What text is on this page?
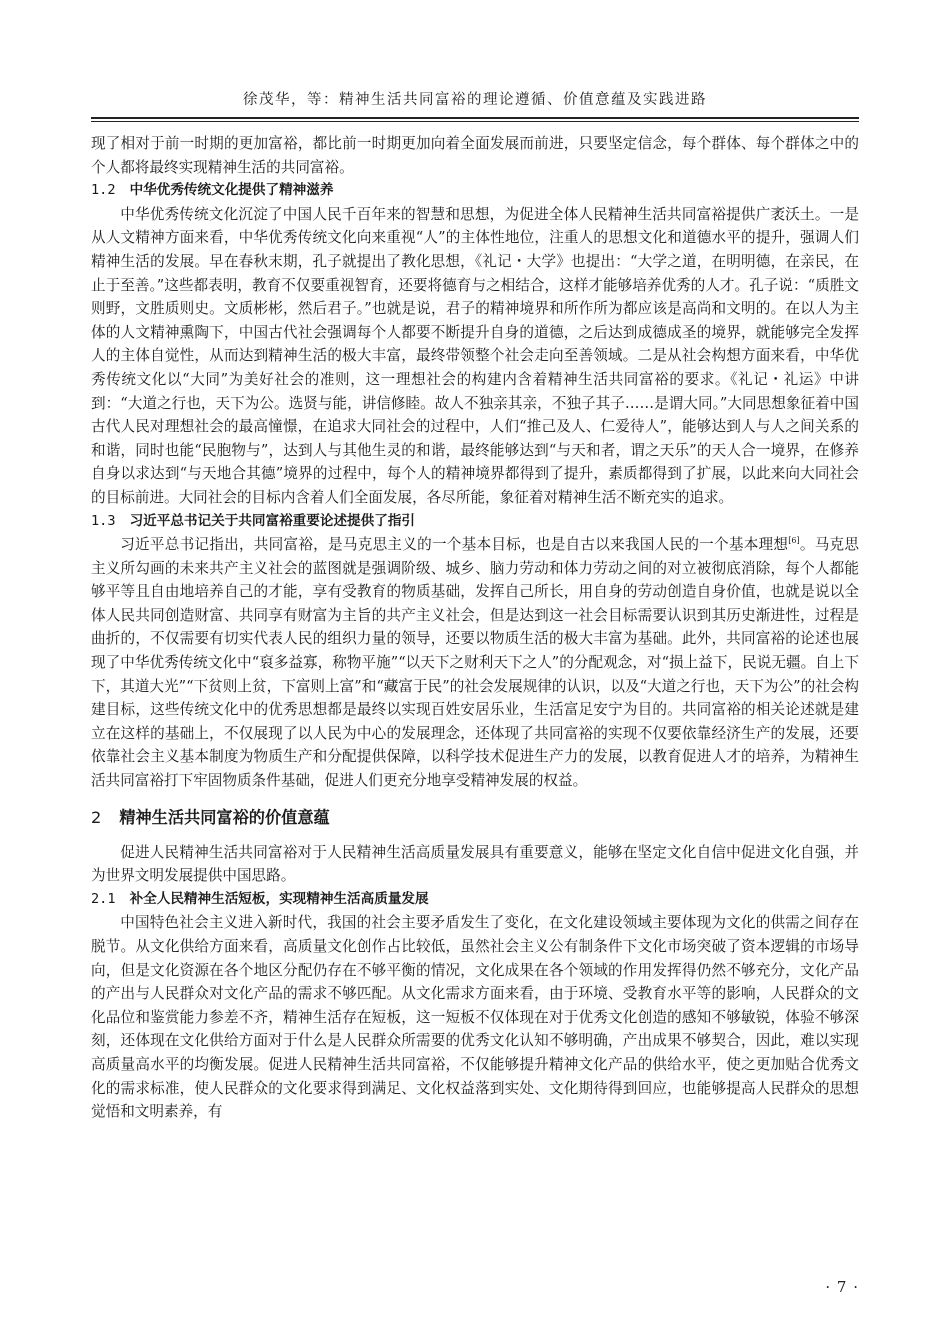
徐茂华，等：精神生活共同富裕的理论遵循、价值意蕴及实践进路

现了相对于前一时期的更加富裕，都比前一时期更加向着全面发展而前进，只要坚定信念，每个群体、每个群体之中的个人都将最终实现精神生活的共同富裕。

1.2 中华优秀传统文化提供了精神滋养

中华优秀传统文化沉淀了中国人民千百年来的智慧和思想，为促进全体人民精神生活共同富裕提供广袤沃土。一是从人文精神方面来看，中华优秀传统文化向来重视“人”的主体性地位，注重人的思想文化和道德水平的提升，强调人们精神生活的发展。早在春秋末期，孔子就提出了教化思想，《礼记・大学》也提出：“大学之道，在明明德，在亲民，在止于至善。”这些都表明，教育不仅要重视智育，还要将德育与之相结合，这样才能够培养优秀的人才。孔子说：“质胜文则野，文胜质则史。文质彬彬，然后君子。”也就是说，君子的精神境界和所作所为都应该是高尚和文明的。在以人为主体的人文精神熏陶下，中国古代社会强调每个人都要不断提升自身的道德，之后达到成德成圣的境界，就能够完全发挥人的主体自觉性，从而达到精神生活的极大丰富，最终带领整个社会走向至善领域。二是从社会构想方面来看，中华优秀传统文化以“大同”为美好社会的准则，这一理想社会的构建内含着精神生活共同富裕的要求。《礼记・礼运》中讲到：“大道之行也，天下为公。选贤与能，讲信修睦。故人不独亲其亲，不独子其子……是谓大同。”大同思想象征着中国古代人民对理想社会的最高憧憬，在追求大同社会的过程中，人们“推己及人、仁爱待人”，能够达到人与人之间关系的和谐，同时也能“民胞物与”，达到人与其他生灵的和谐，最终能够达到“与天和者，谓之天乐”的天人合一境界，在修养自身以求达到“与天地合其德”境界的过程中，每个人的精神境界都得到了提升，素质都得到了扩展，以此来向大同社会的目标前进。大同社会的目标内含着人们全面发展，各尽所能，象征着对精神生活不断充实的追求。

1.3 习近平总书记关于共同富裕重要论述提供了指引

习近平总书记指出，共同富裕，是马克思主义的一个基本目标，也是自古以来我国人民的一个基本理想[6]。马克思主义所勾画的未来共产主义社会的蓝图就是强调阶级、城乡、脑力劳动和体力劳动之间的对立被彻底消除，每个人都能够平等且自由地培养自己的才能，享有受教育的物质基础，发挥自己所长，用自身的劳动创造自身价值，也就是说以全体人民共同创造财富、共同享有财富为主旨的共产主义社会，但是达到这一社会目标需要认识到其历史渐进性，过程是曲折的，不仅需要有切实代表人民的组织力量的领导，还要以物质生活的极大丰富为基础。此外，共同富裕的论述也展现了中华优秀传统文化中“裒多益寡，称物平施”“以天下之财利天下之人”的分配观念，对“损上益下，民说无疆。自上下下，其道大光”“下贫则上贫，下富则上富”和“藏富于民”的社会发展规律的认识，以及“大道之行也，天下为公”的社会构建目标，这些传统文化中的优秀思想都是最终以实现百姓安居乐业，生活富足安宁为目的。共同富裕的相关论述就是建立在这样的基础上，不仅展现了以人民为中心的发展理念，还体现了共同富裕的实现不仅要依靠经济生产的发展，还要依靠社会主义基本制度为物质生产和分配提供保障，以科学技术促进生产力的发展，以教育促进人才的培养，为精神生活共同富裕打下牢固物质条件基础，促进人们更充分地享受精神发展的权益。

2 精神生活共同富裕的价值意蕴

促进人民精神生活共同富裕对于人民精神生活高质量发展具有重要意义，能够在坚定文化自信中促进文化自强，并为世界文明发展提供中国思路。

2.1 补全人民精神生活短板，实现精神生活高质量发展

中国特色社会主义进入新时代，我国的社会主要矛盾发生了变化，在文化建设领域主要体现为文化的供需之间存在脱节。从文化供给方面来看，高质量文化创作占比较低，虽然社会主义公有制条件下文化市场突破了资本逻辑的市场导向，但是文化资源在各个地区分配仍存在不够平衡的情况，文化成果在各个领域的作用发挥得仍然不够充分，文化产品的产出与人民群众对文化产品的需求不够匹配。从文化需求方面来看，由于环境、受教育水平等的影响，人民群众的文化品位和鉴赏能力参差不齐，精神生活存在短板，这一短板不仅体现在对于优秀文化创造的感知不够敏锐，体验不够深刻，还体现在文化供给方面对于什么是人民群众所需要的优秀文化认知不够明确，产出成果不够契合，因此，难以实现高质量高水平的均衡发展。促进人民精神生活共同富裕，不仅能够提升精神文化产品的供给水平，使之更加贴合优秀文化的需求标准，使人民群众的文化要求得到满足、文化权益落到实处、文化期待得到回应，也能够提高人民群众的思想觉悟和文明素养，有

· 7 ·
